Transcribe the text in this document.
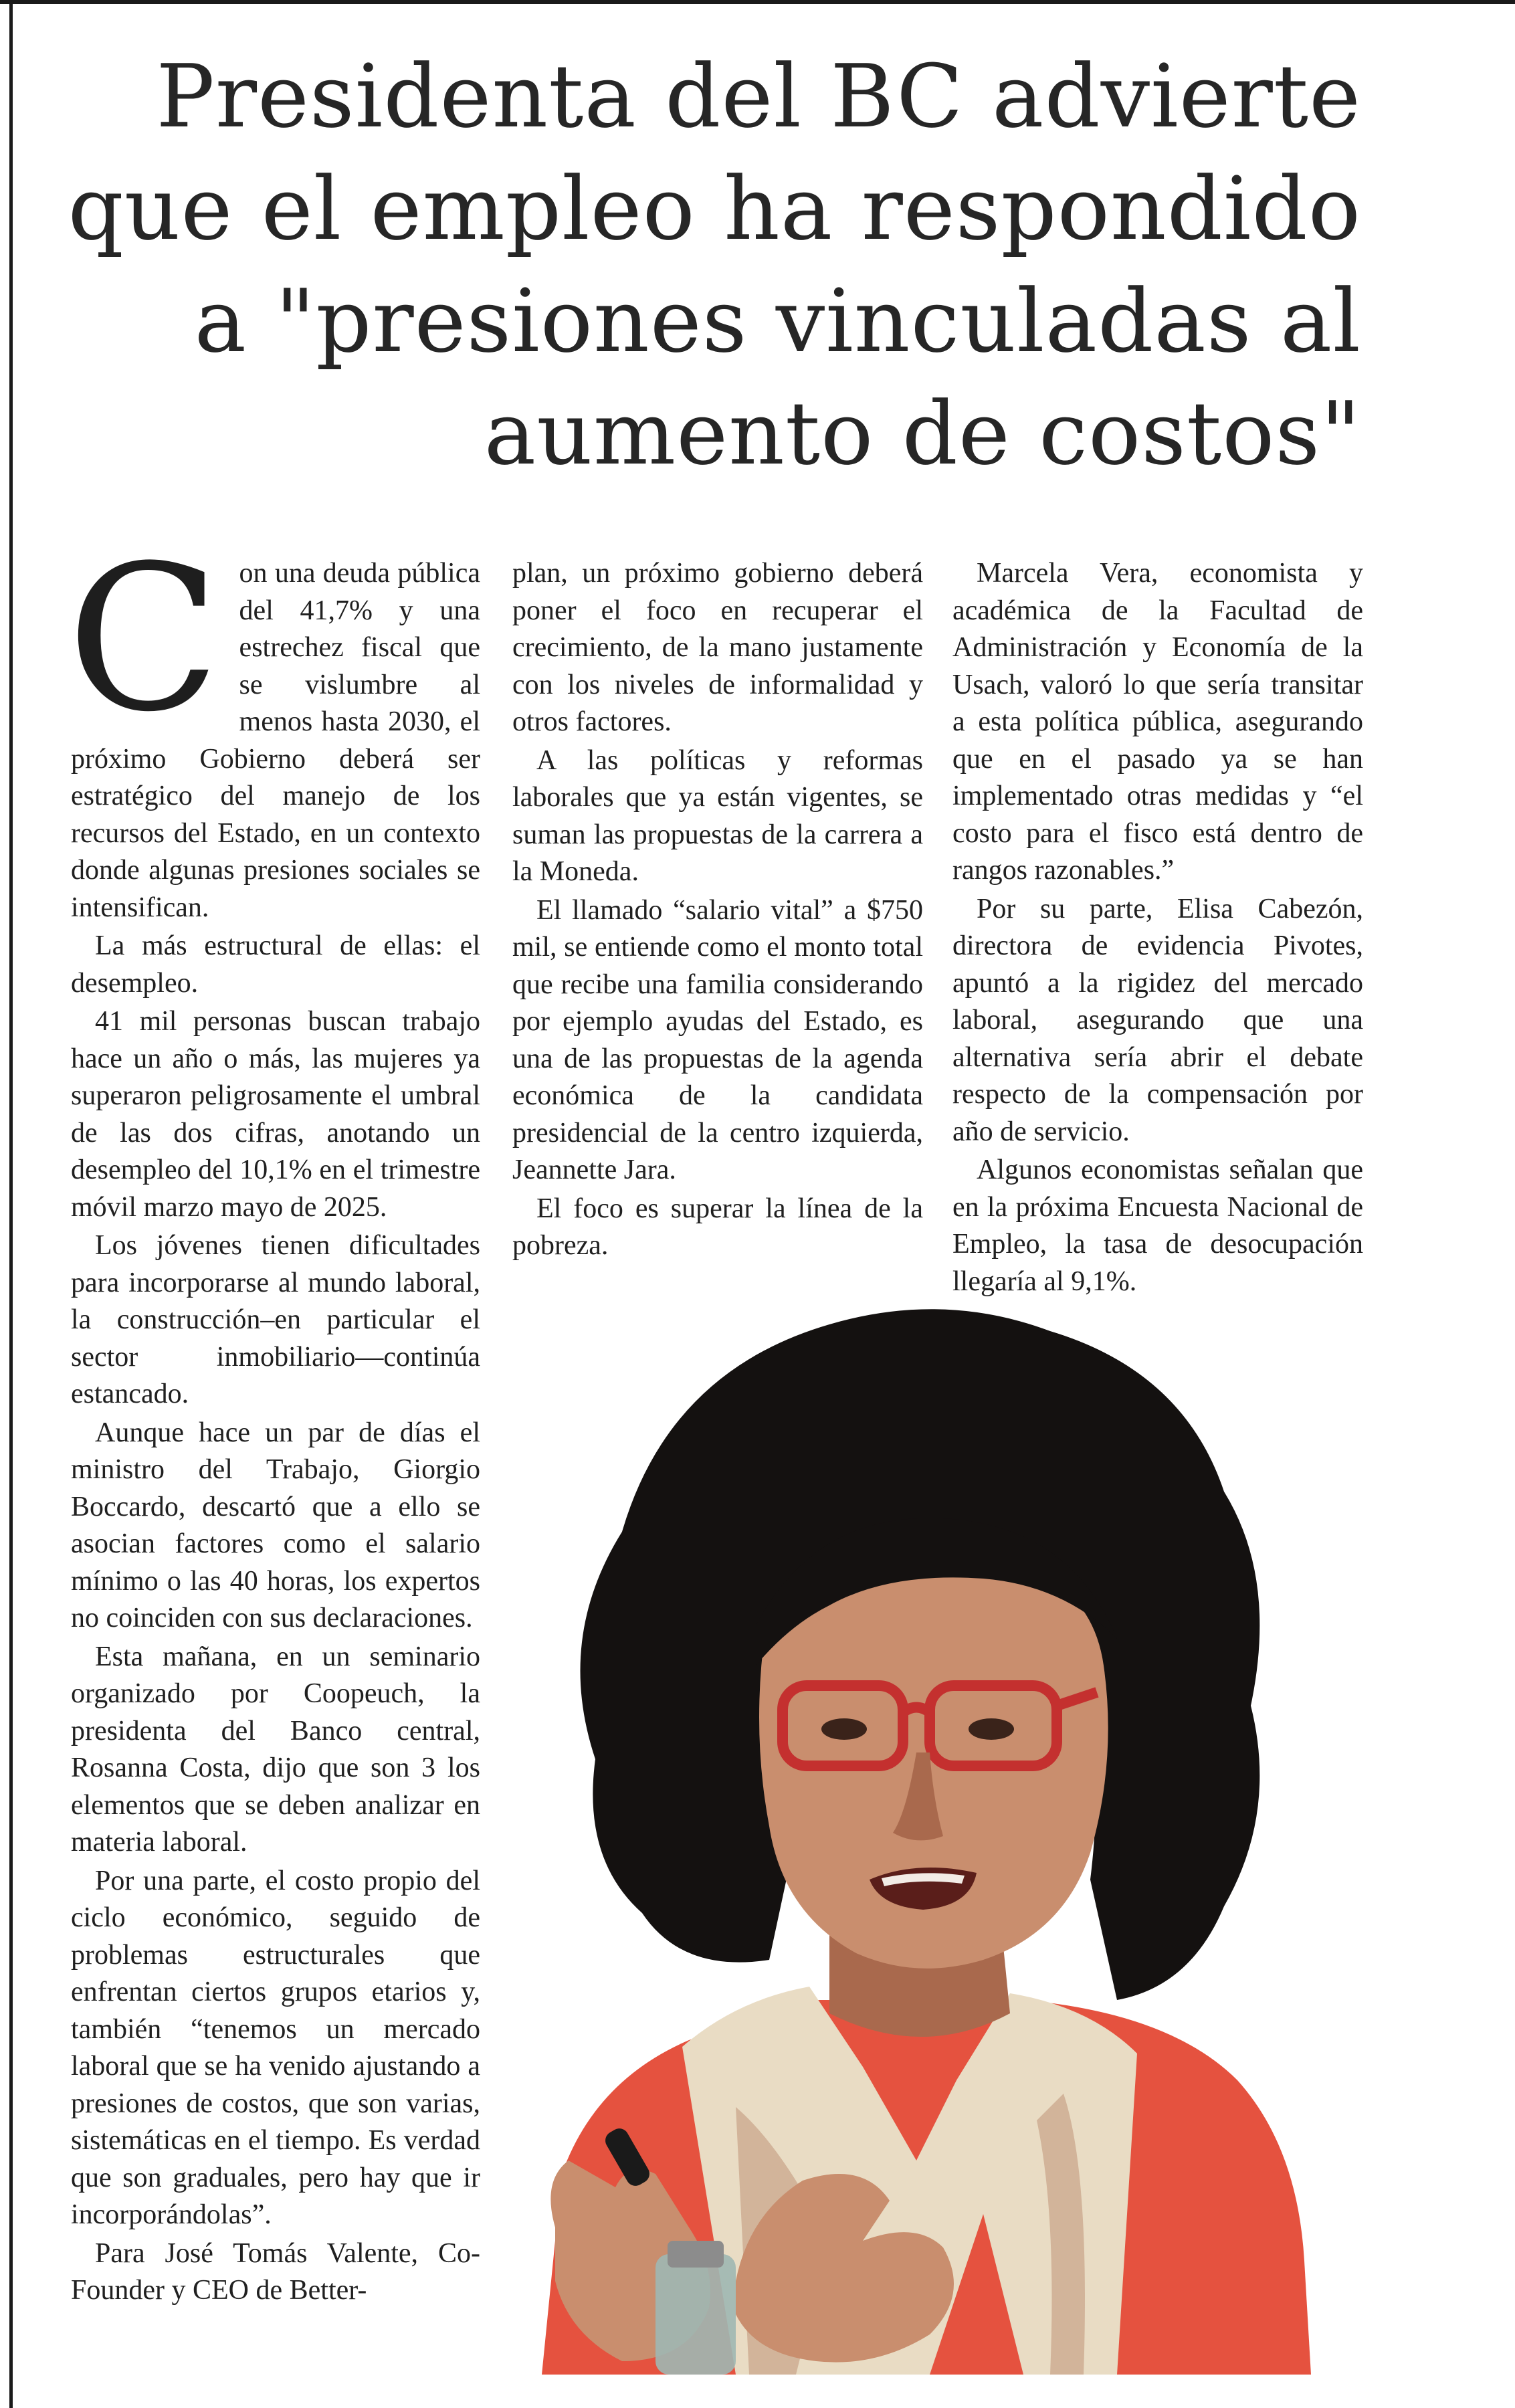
Presidenta del BC advierte
que el empleo ha respondido
a "presiones vinculadas al
aumento de costos"

Con una deuda pública del 41,7% y una estrechez fiscal que se vislumbre al menos hasta 2030, el próximo Gobierno deberá ser estratégico del manejo de los recursos del Estado, en un contexto donde algunas presiones sociales se intensifican.

La más estructural de ellas: el desempleo.

41 mil personas buscan trabajo hace un año o más, las mujeres ya superaron peligrosamente el umbral de las dos cifras, anotando un desempleo del 10,1% en el trimestre móvil marzo mayo de 2025.

Los jóvenes tienen dificultades para incorporarse al mundo laboral, la construcción–en particular el sector inmobiliario—continúa estancado.

Aunque hace un par de días el ministro del Trabajo, Giorgio Boccardo, descartó que a ello se asocian factores como el salario mínimo o las 40 horas, los expertos no coinciden con sus declaraciones.

Esta mañana, en un seminario organizado por Coopeuch, la presidenta del Banco central, Rosanna Costa, dijo que son 3 los elementos que se deben analizar en materia laboral.

Por una parte, el costo propio del ciclo económico, seguido de problemas estructurales que enfrentan ciertos grupos etarios y, también “tenemos un mercado laboral que se ha venido ajustando a presiones de costos, que son varias, sistemáticas en el tiempo. Es verdad que son graduales, pero hay que ir incorporándolas”.

Para José Tomás Valente, Co-Founder y CEO de Better-

plan, un próximo gobierno deberá poner el foco en recuperar el crecimiento, de la mano justamente con los niveles de informalidad y otros factores.

A las políticas y reformas laborales que ya están vigentes, se suman las propuestas de la carrera a la Moneda.

El llamado “salario vital” a $750 mil, se entiende como el monto total que recibe una familia considerando por ejemplo ayudas del Estado, es una de las propuestas de la agenda económica de la candidata presidencial de la centro izquierda, Jeannette Jara.

El foco es superar la línea de la pobreza.

Marcela Vera, economista y académica de la Facultad de Administración y Economía de la Usach, valoró lo que sería transitar a esta política pública, asegurando que en el pasado ya se han implementado otras medidas y “el costo para el fisco está dentro de rangos razonables.”

Por su parte, Elisa Cabezón, directora de evidencia Pivotes, apuntó a la rigidez del mercado laboral, asegurando que una alternativa sería abrir el debate respecto de la compensación por año de servicio.

Algunos economistas señalan que en la próxima Encuesta Nacional de Empleo, la tasa de desocupación llegaría al 9,1%.
